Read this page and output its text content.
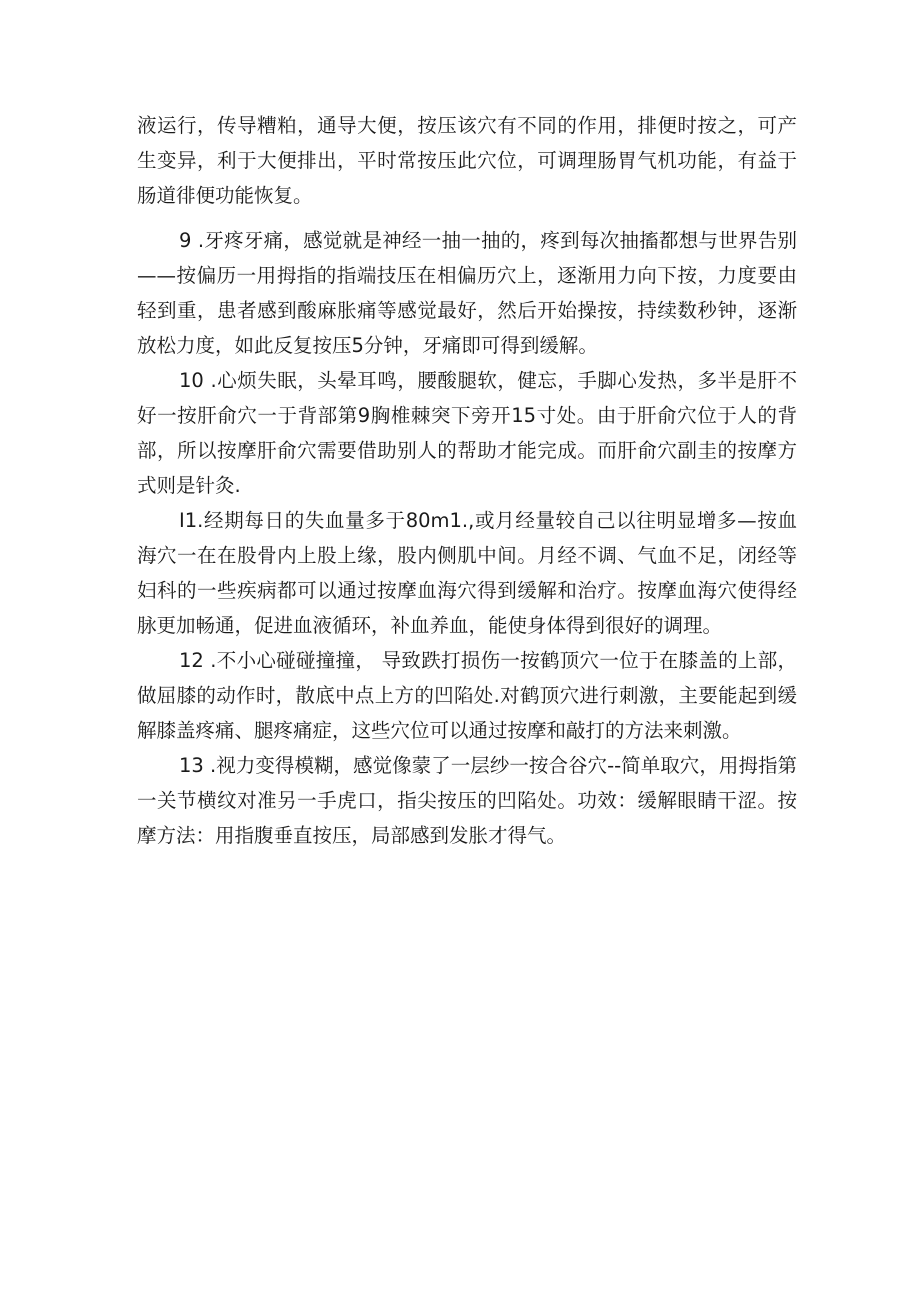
液运行，传导糟粕，通导大便，按压该穴有不同的作用，排便时按之，可产生变异，利于大便排出，平时常按压此穴位，可调理肠胃气机功能，有益于肠道徘便功能恢复。

9 .牙疼牙痛，感觉就是神经一抽一抽的，疼到每次抽搐都想与世界告别——按偏历一用拇指的指端技压在相偏历穴上，逐渐用力向下按，力度要由轻到重，患者感到酸麻胀痛等感觉最好，然后开始操按，持续数秒钟，逐渐放松力度，如此反复按压5分钟，牙痛即可得到缓解。

10 .心烦失眠，头晕耳鸣，腰酸腿软，健忘，手脚心发热，多半是肝不好一按肝俞穴一于背部第9胸椎棘突下旁开15寸处。由于肝俞穴位于人的背部，所以按摩肝俞穴需要借助别人的帮助才能完成。而肝俞穴副圭的按摩方式则是针灸.

I1.经期每日的失血量多于80m1.,或月经量较自己以往明显增多—按血海穴一在在股骨内上股上缘，股内侧肌中间。月经不调、气血不足，闭经等妇科的一些疾病都可以通过按摩血海穴得到缓解和治疗。按摩血海穴使得经脉更加畅通，促进血液循环，补血养血，能使身体得到很好的调理。

12 .不小心碰碰撞撞， 导致跌打损伤一按鹤顶穴一位于在膝盖的上部，做屈膝的动作时，散底中点上方的凹陷处.对鹤顶穴进行刺激，主要能起到缓解膝盖疼痛、腿疼痛症，这些穴位可以通过按摩和敲打的方法来刺激。

13 .视力变得模糊，感觉像蒙了一层纱一按合谷穴--简单取穴，用拇指第一关节横纹对准另一手虎口，指尖按压的凹陷处。功效：缓解眼睛干涩。按摩方法：用指腹垂直按压，局部感到发胀才得气。
